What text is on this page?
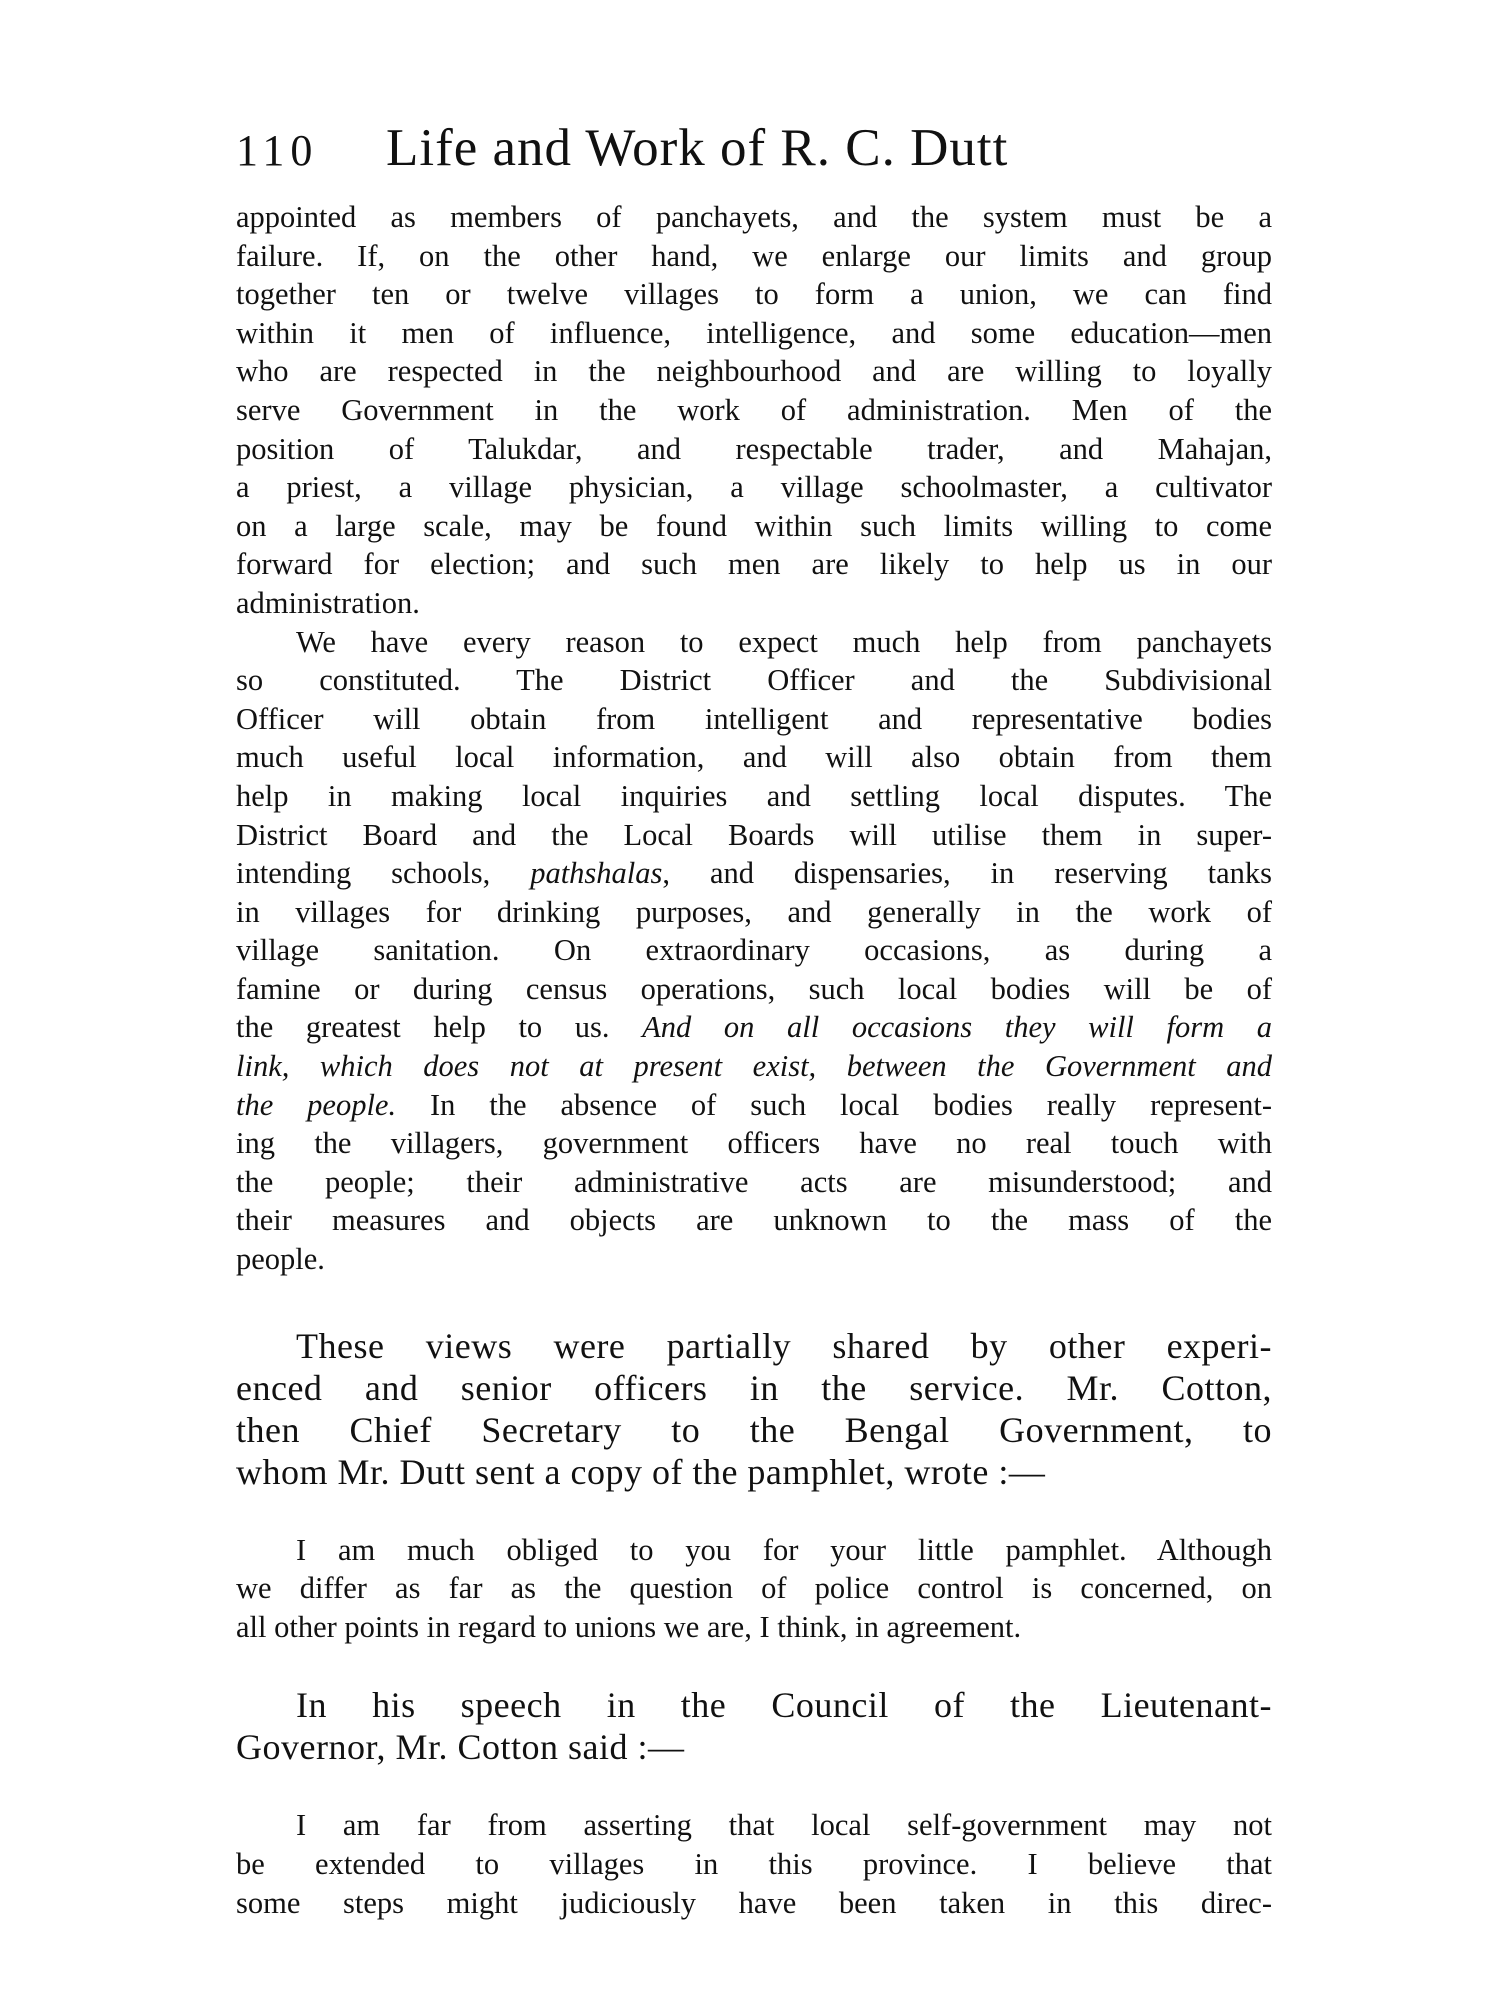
110	Life and Work of R. C. Dutt
appointed as members of panchayets, and the system must be a
failure. If, on the other hand, we enlarge our limits and group
together ten or twelve villages to form a union, we can find
within it men of influence, intelligence, and some education—men
who are respected in the neighbourhood and are willing to loyally
serve Government in the work of administration. Men of the
position of Talukdar, and respectable trader, and Mahajan,
a priest, a village physician, a village schoolmaster, a cultivator
on a large scale, may be found within such limits willing to come
forward for election; and such men are likely to help us in our
administration.
We have every reason to expect much help from panchayets
so constituted. The District Officer and the Subdivisional
Officer will obtain from intelligent and representative bodies
much useful local information, and will also obtain from them
help in making local inquiries and settling local disputes. The
District Board and the Local Boards will utilise them in super-
intending schools, pathshalas, and dispensaries, in reserving tanks
in villages for drinking purposes, and generally in the work of
village sanitation. On extraordinary occasions, as during a
famine or during census operations, such local bodies will be of
the greatest help to us. And on all occasions they will form a
link, which does not at present exist, between the Government and
the people. In the absence of such local bodies really represent-
ing the villagers, government officers have no real touch with
the people; their administrative acts are misunderstood; and
their measures and objects are unknown to the mass of the
people.
These views were partially shared by other experi-
enced and senior officers in the service. Mr. Cotton,
then Chief Secretary to the Bengal Government, to
whom Mr. Dutt sent a copy of the pamphlet, wrote :—
I am much obliged to you for your little pamphlet. Although
we differ as far as the question of police control is concerned, on
all other points in regard to unions we are, I think, in agreement.
In his speech in the Council of the Lieutenant-
Governor, Mr. Cotton said :—
I am far from asserting that local self-government may not
be extended to villages in this province. I believe that
some steps might judiciously have been taken in this direc-
